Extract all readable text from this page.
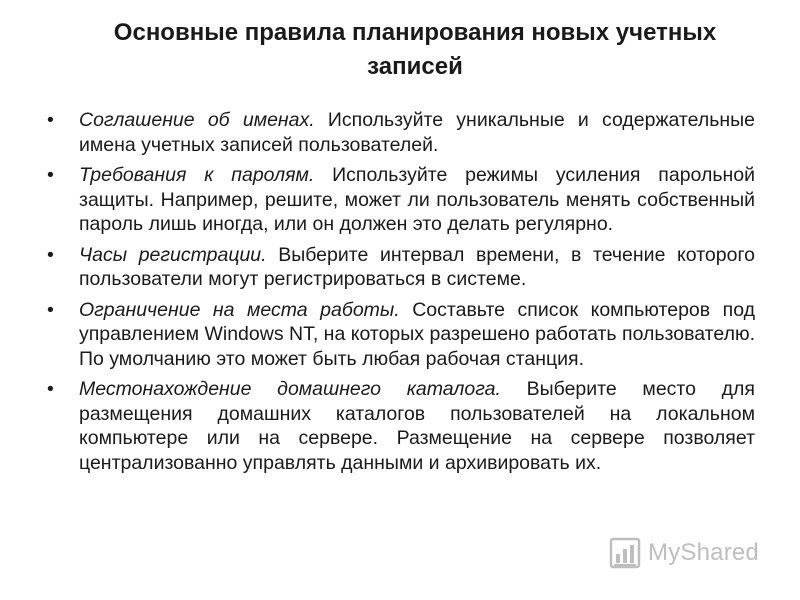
Основные правила планирования новых учетных записей
• Соглашение об именах. Используйте уникальные и содержательные имена учетных записей пользователей.
• Требования к паролям. Используйте режимы усиления парольной защиты. Например, решите, может ли пользователь менять собственный пароль лишь иногда, или он должен это делать регулярно.
• Часы регистрации. Выберите интервал времени, в течение которого пользователи могут регистрироваться в системе.
• Ограничение на места работы. Составьте список компьютеров под управлением Windows NT, на которых разрешено работать пользователю. По умолчанию это может быть любая рабочая станция.
• Местонахождение домашнего каталога. Выберите место для размещения домашних каталогов пользователей на локальном компьютере или на сервере. Размещение на сервере позволяет централизованно управлять данными и архивировать их.
MyShared
